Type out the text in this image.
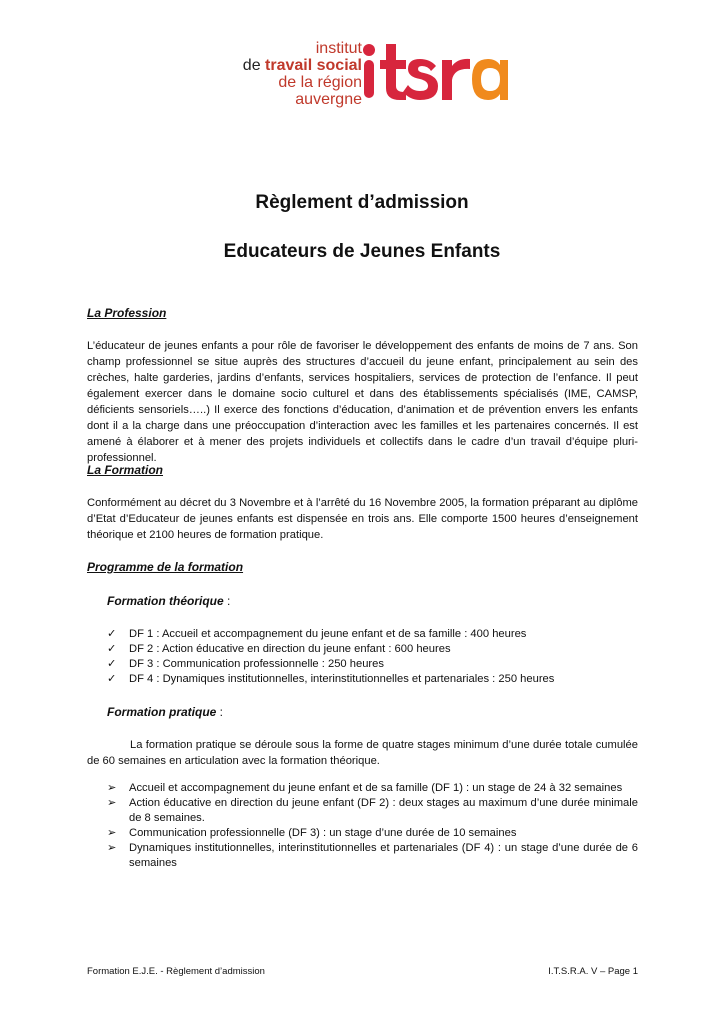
institut
de travail social
de la région auvergne
Règlement d’admission
Educateurs de Jeunes Enfants
La Profession
L’éducateur de jeunes enfants a pour rôle de favoriser le développement des enfants de moins de 7 ans. Son champ professionnel se situe auprès des structures d’accueil du jeune enfant, principalement au sein des crèches, halte garderies, jardins d’enfants, services hospitaliers, services de protection de l’enfance. Il peut également exercer dans le domaine socio culturel et dans des établissements spécialisés (IME, CAMSP, déficients sensoriels…..) Il exerce des fonctions d’éducation, d’animation et de prévention envers les enfants dont il a la charge dans une préoccupation d’interaction avec les familles et les partenaires concernés. Il est amené à élaborer et à mener des projets individuels et collectifs dans le cadre d’un travail d’équipe pluri- professionnel.
La Formation
Conformément au décret du 3 Novembre et à l’arrêté du 16 Novembre 2005, la formation préparant au diplôme d’Etat d’Educateur de jeunes enfants est dispensée en trois ans. Elle comporte 1500 heures d’enseignement théorique et 2100 heures de formation pratique.
Programme de la formation
Formation théorique :
✓	DF 1 : Accueil et accompagnement du jeune enfant et de sa famille : 400 heures
✓	DF 2 : Action éducative en direction du jeune enfant : 600 heures
✓	DF 3 : Communication professionnelle : 250 heures
✓	DF 4 : Dynamiques institutionnelles, interinstitutionnelles et partenariales : 250 heures
Formation pratique :
La formation pratique se déroule sous la forme de quatre stages minimum d’une durée totale cumulée de 60 semaines en articulation avec la formation théorique.
➢	Accueil et accompagnement du jeune enfant et de sa famille (DF 1) : un stage de 24 à 32 semaines
➢	Action éducative en direction du jeune enfant (DF 2) : deux stages au maximum d’une durée minimale de 8 semaines.
➢	Communication professionnelle (DF 3) : un stage d’une durée de 10 semaines
➢	Dynamiques institutionnelles, interinstitutionnelles et partenariales (DF 4) : un stage d’une durée de 6 semaines
Formation E.J.E. - Règlement d’admission	I.T.S.R.A. V – Page 1
